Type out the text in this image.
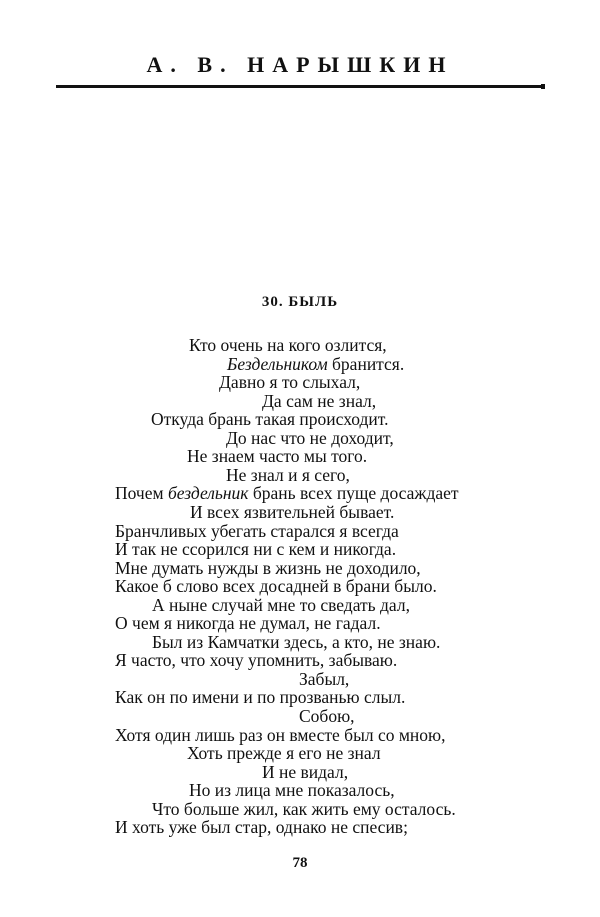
А. В. НАРЫШКИН
30. БЫЛЬ
Кто очень на кого озлится,
Бездельником бранится.
Давно я то слыхал,
Да сам не знал,
Откуда брань такая происходит.
До нас что не доходит,
Не знаем часто мы того.
Не знал и я сего,
Почем бездельник брань всех пуще досаждает
И всех язвительней бывает.
Бранчливых убегать старался я всегда
И так не ссорился ни с кем и никогда.
Мне думать нужды в жизнь не доходило,
Какое б слово всех досадней в брани было.
А ныне случай мне то сведать дал,
О чем я никогда не думал, не гадал.
Был из Камчатки здесь, а кто, не знаю.
Я часто, что хочу упомнить, забываю.
Забыл,
Как он по имени и по прозванью слыл.
Собою,
Хотя один лишь раз он вместе был со мною,
Хоть прежде я его не знал
И не видал,
Но из лица мне показалось,
Что больше жил, как жить ему осталось.
И хоть уже был стар, однако не спесив;
78
